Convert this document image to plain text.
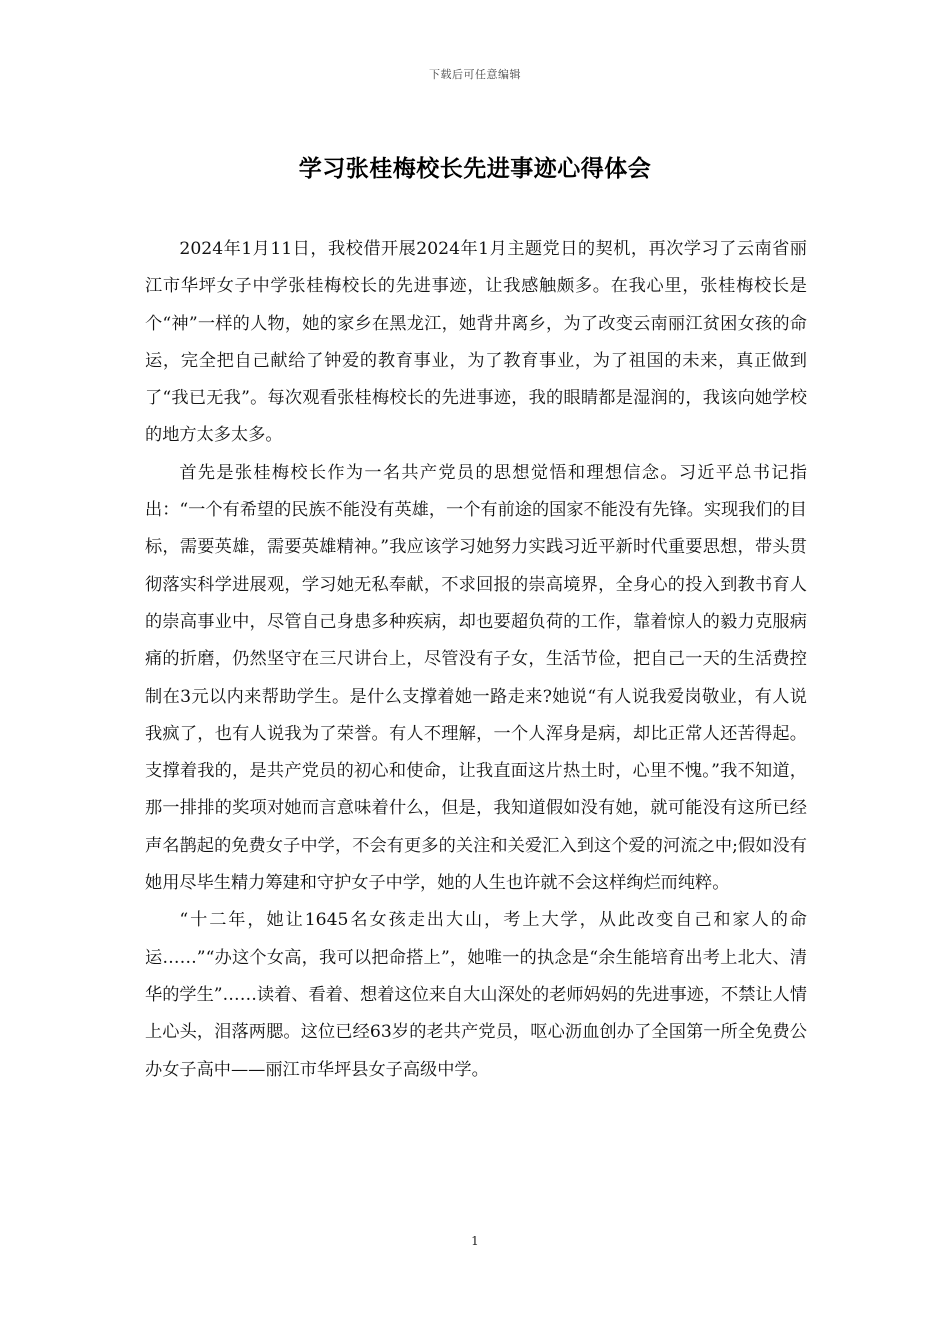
下载后可任意编辑
学习张桂梅校长先进事迹心得体会

2024年1月11日，我校借开展2024年1月主题党日的契机，再次学习了云南省丽江市华坪女子中学张桂梅校长的先进事迹，让我感触颇多。在我心里，张桂梅校长是个“神”一样的人物，她的家乡在黑龙江，她背井离乡，为了改变云南丽江贫困女孩的命运，完全把自己献给了钟爱的教育事业，为了教育事业，为了祖国的未来，真正做到了“我已无我”。每次观看张桂梅校长的先进事迹，我的眼睛都是湿润的，我该向她学校的地方太多太多。

首先是张桂梅校长作为一名共产党员的思想觉悟和理想信念。习近平总书记指出：“一个有希望的民族不能没有英雄，一个有前途的国家不能没有先锋。实现我们的目标，需要英雄，需要英雄精神。”我应该学习她努力实践习近平新时代重要思想，带头贯彻落实科学进展观，学习她无私奉献，不求回报的崇高境界，全身心的投入到教书育人的崇高事业中，尽管自己身患多种疾病，却也要超负荷的工作，靠着惊人的毅力克服病痛的折磨，仍然坚守在三尺讲台上，尽管没有子女，生活节俭，把自己一天的生活费控制在3元以内来帮助学生。是什么支撑着她一路走来?她说“有人说我爱岗敬业，有人说我疯了，也有人说我为了荣誉。有人不理解，一个人浑身是病，却比正常人还苦得起。支撑着我的，是共产党员的初心和使命，让我直面这片热土时，心里不愧。”我不知道，那一排排的奖项对她而言意味着什么，但是，我知道假如没有她，就可能没有这所已经声名鹊起的免费女子中学，不会有更多的关注和关爱汇入到这个爱的河流之中;假如没有她用尽毕生精力筹建和守护女子中学，她的人生也许就不会这样绚烂而纯粹。

“十二年，她让1645名女孩走出大山，考上大学，从此改变自己和家人的命运……”“办这个女高，我可以把命搭上”，她唯一的执念是“余生能培育出考上北大、清华的学生”……读着、看着、想着这位来自大山深处的老师妈妈的先进事迹，不禁让人情上心头，泪落两腮。这位已经63岁的老共产党员，呕心沥血创办了全国第一所全免费公办女子高中——丽江市华坪县女子高级中学。

1
